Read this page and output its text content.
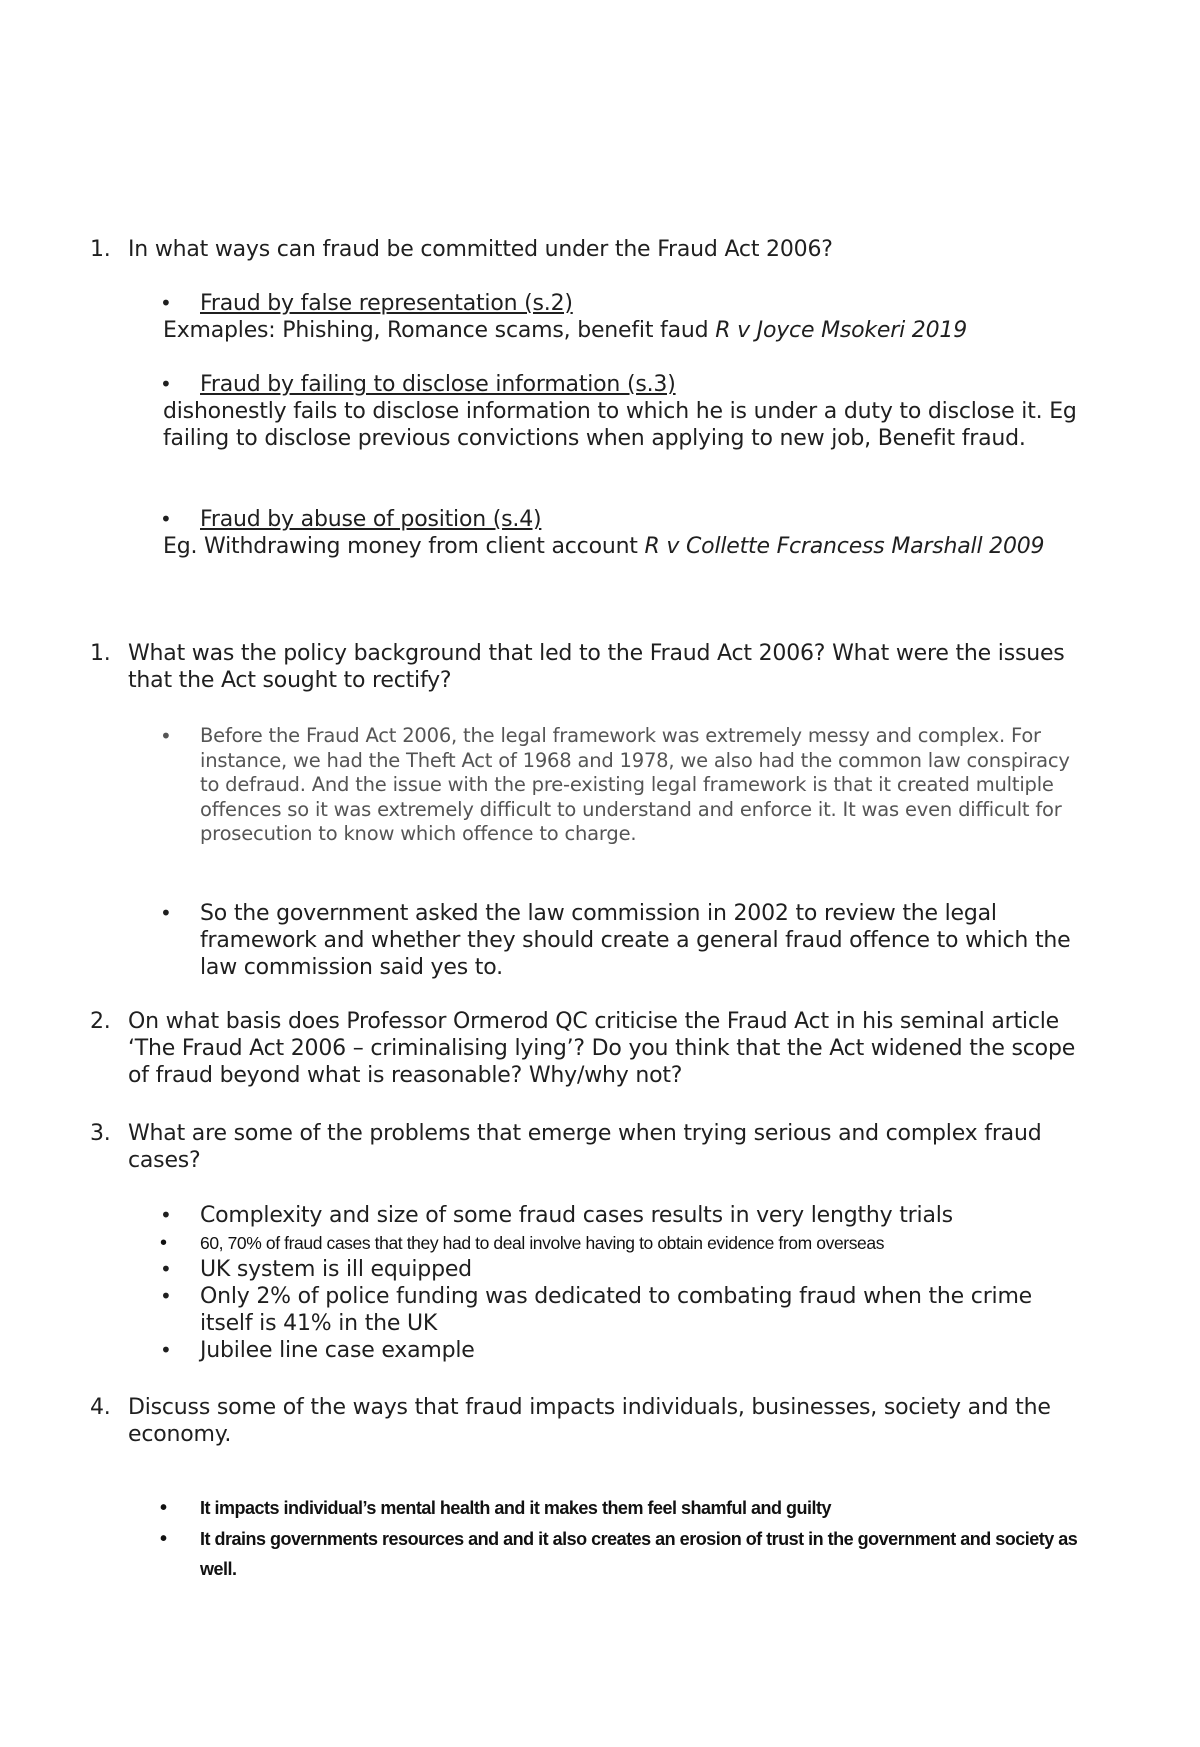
1. In what ways can fraud be committed under the Fraud Act 2006?
• Fraud by false representation (s.2)
Exmaples: Phishing, Romance scams, benefit faud R v Joyce Msokeri 2019
• Fraud by failing to disclose information (s.3)
dishonestly fails to disclose information to which he is under a duty to disclose it. Eg failing to disclose previous convictions when applying to new job, Benefit fraud.
• Fraud by abuse of position (s.4)
Eg. Withdrawing money from client account R v Collette Fcrancess Marshall 2009
1. What was the policy background that led to the Fraud Act 2006? What were the issues that the Act sought to rectify?
• Before the Fraud Act 2006, the legal framework was extremely messy and complex. For instance, we had the Theft Act of 1968 and 1978, we also had the common law conspiracy to defraud. And the issue with the pre-existing legal framework is that it created multiple offences so it was extremely difficult to understand and enforce it. It was even difficult for prosecution to know which offence to charge.
• So the government asked the law commission in 2002 to review the legal framework and whether they should create a general fraud offence to which the law commission said yes to.
2. On what basis does Professor Ormerod QC criticise the Fraud Act in his seminal article ‘The Fraud Act 2006 – criminalising lying’? Do you think that the Act widened the scope of fraud beyond what is reasonable? Why/why not?
3. What are some of the problems that emerge when trying serious and complex fraud cases?
• Complexity and size of some fraud cases results in very lengthy trials
• 60, 70% of fraud cases that they had to deal involve having to obtain evidence from overseas
• UK system is ill equipped
• Only 2% of police funding was dedicated to combating fraud when the crime itself is 41% in the UK
• Jubilee line case example
4. Discuss some of the ways that fraud impacts individuals, businesses, society and the economy.
• It impacts individual’s mental health and it makes them feel shamful and guilty
• It drains governments resources and and it also creates an erosion of trust in the government and society as well.
